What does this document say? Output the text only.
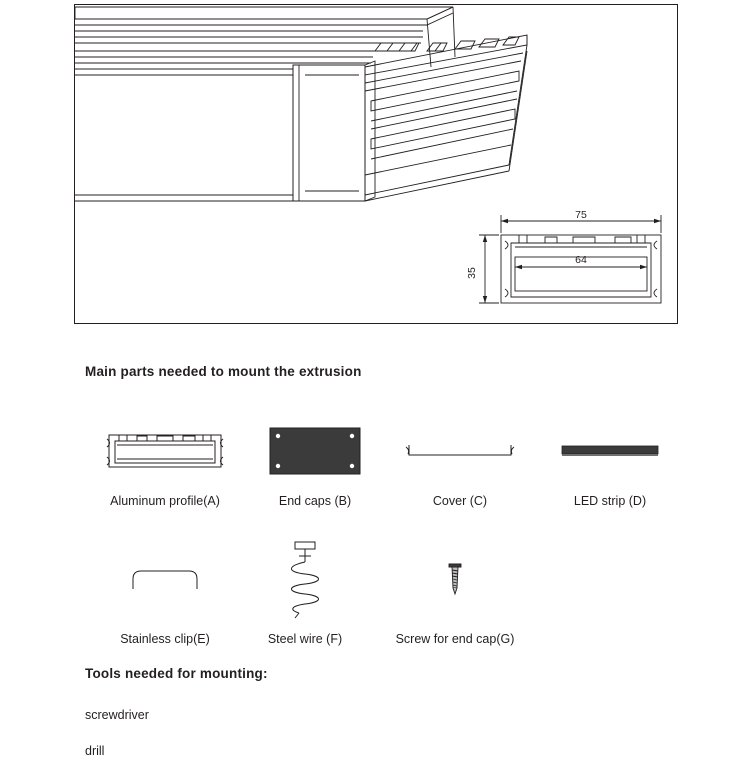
75
64
35
Main parts needed to mount the extrusion
Aluminum profile(A)	End caps (B)	Cover (C)	LED strip (D)
Stainless clip(E)	Steel wire (F)	Screw for end cap(G)
Tools needed for mounting:
screwdriver
drill
